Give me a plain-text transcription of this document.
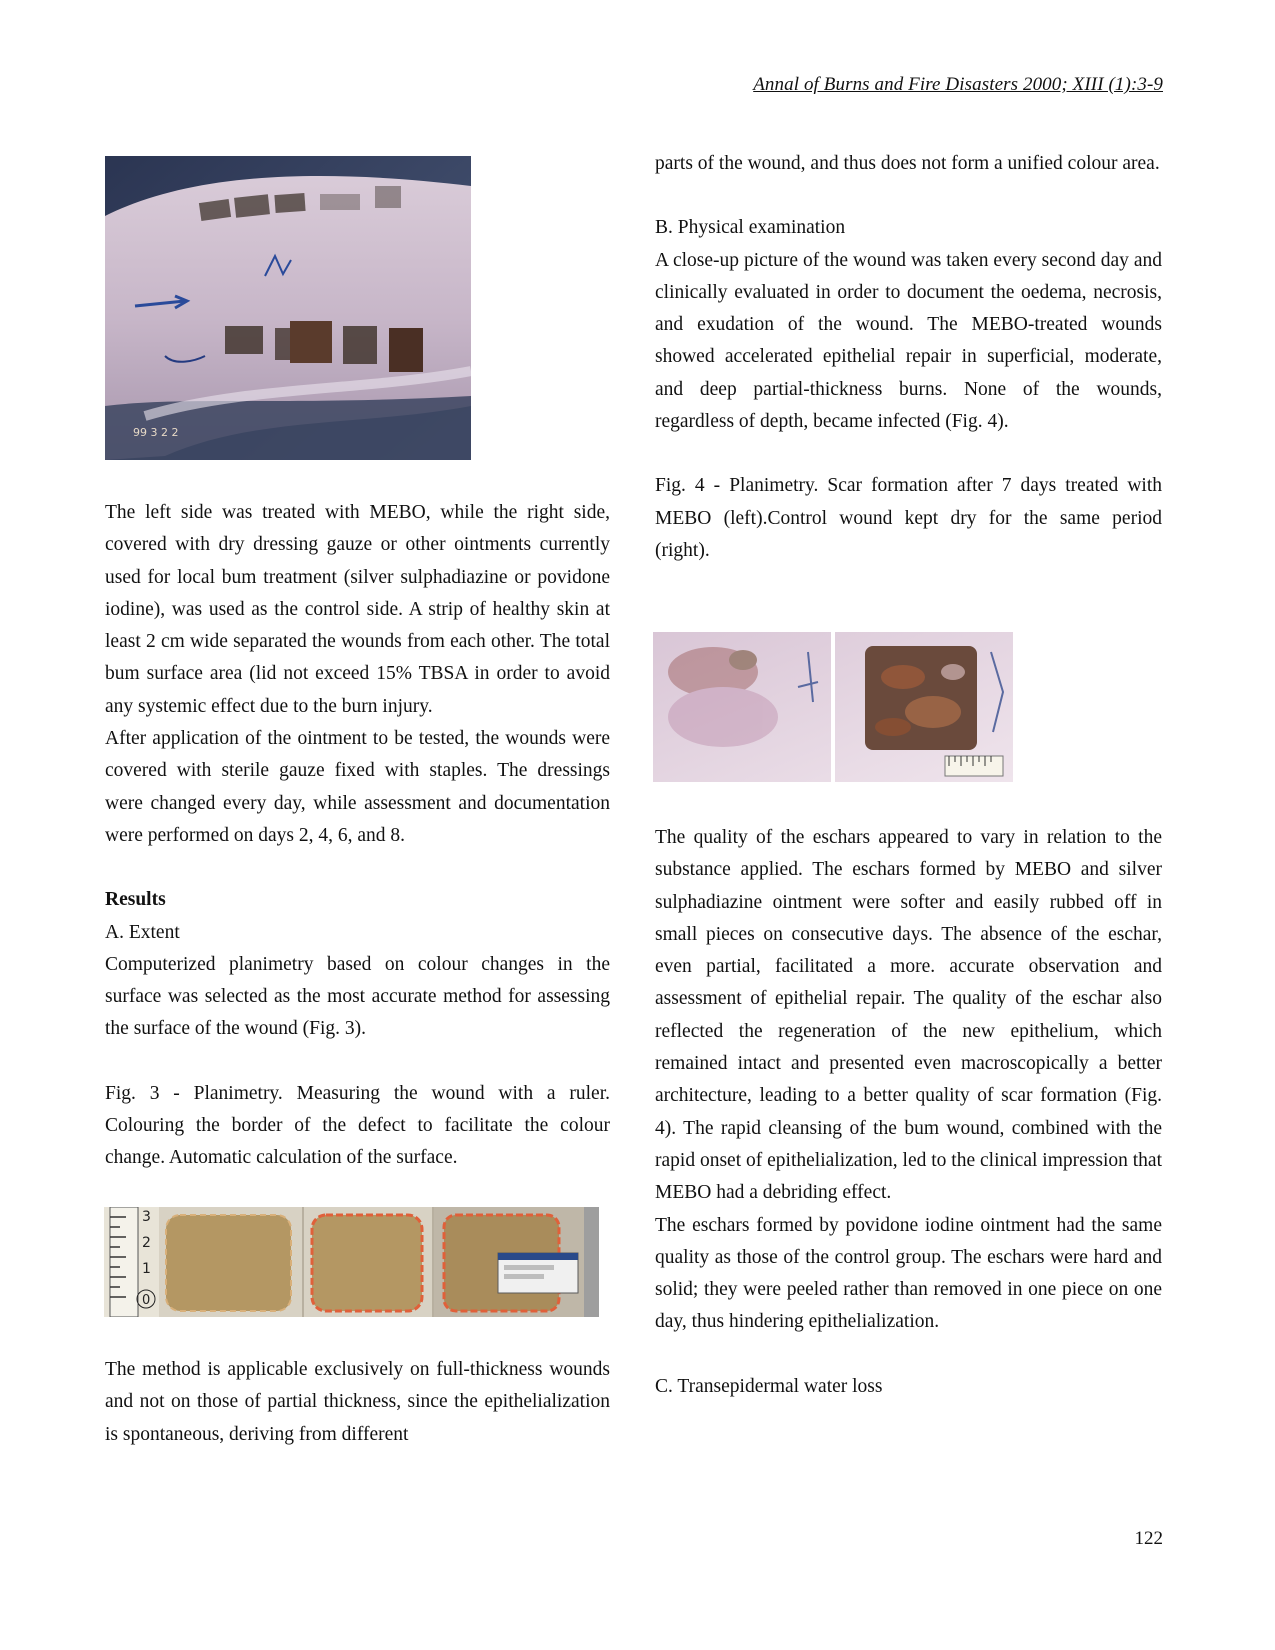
Annal of Burns and Fire Disasters 2000; XIII (1):3-9
99 3 2 2

The left side was treated with MEBO, while the right side, covered with dry dressing gauze or other ointments currently used for local bum treatment (silver sulphadiazine or povidone iodine), was used as the control side. A strip of healthy skin at least 2 cm wide separated the wounds from each other. The total bum surface area (lid not exceed 15% TBSA in order to avoid any systemic effect due to the burn injury.

After application of the ointment to be tested, the wounds were covered with sterile gauze fixed with staples. The dressings were changed every day, while assessment and documentation were performed on days 2, 4, 6, and 8.

Results

A. Extent

Computerized planimetry based on colour changes in the surface was selected as the most accurate method for assessing the surface of the wound (Fig. 3).

Fig. 3 - Planimetry. Measuring the wound with a ruler. Colouring the border of the defect to facilitate the colour change. Automatic calculation of the surface.

3
2
1
0

The method is applicable exclusively on full-thickness wounds and not on those of partial thickness, since the epithelialization is spontaneous, deriving from different

parts of the wound, and thus does not form a unified colour area.

B. Physical examination

A close-up picture of the wound was taken every second day and clinically evaluated in order to document the oedema, necrosis, and exudation of the wound. The MEBO-treated wounds showed accelerated epithelial repair in superficial, moderate, and deep partial-thickness burns. None of the wounds, regardless of depth, became infected (Fig. 4).

Fig. 4 - Planimetry. Scar formation after 7 days treated with MEBO (left).Control wound kept dry for the same period (right).

The quality of the eschars appeared to vary in relation to the substance applied. The eschars formed by MEBO and silver sulphadiazine ointment were softer and easily rubbed off in small pieces on consecutive days. The absence of the eschar, even partial, facilitated a more. accurate observation and assessment of epithelial repair. The quality of the eschar also reflected the regeneration of the new epithelium, which remained intact and presented even macroscopically a better architecture, leading to a better quality of scar formation (Fig. 4). The rapid cleansing of the bum wound, combined with the rapid onset of epithelialization, led to the clinical impression that MEBO had a debriding effect.

The eschars formed by povidone iodine ointment had the same quality as those of the control group. The eschars were hard and solid; they were peeled rather than removed in one piece on one day, thus hindering epithelialization.

C. Transepidermal water loss

122
